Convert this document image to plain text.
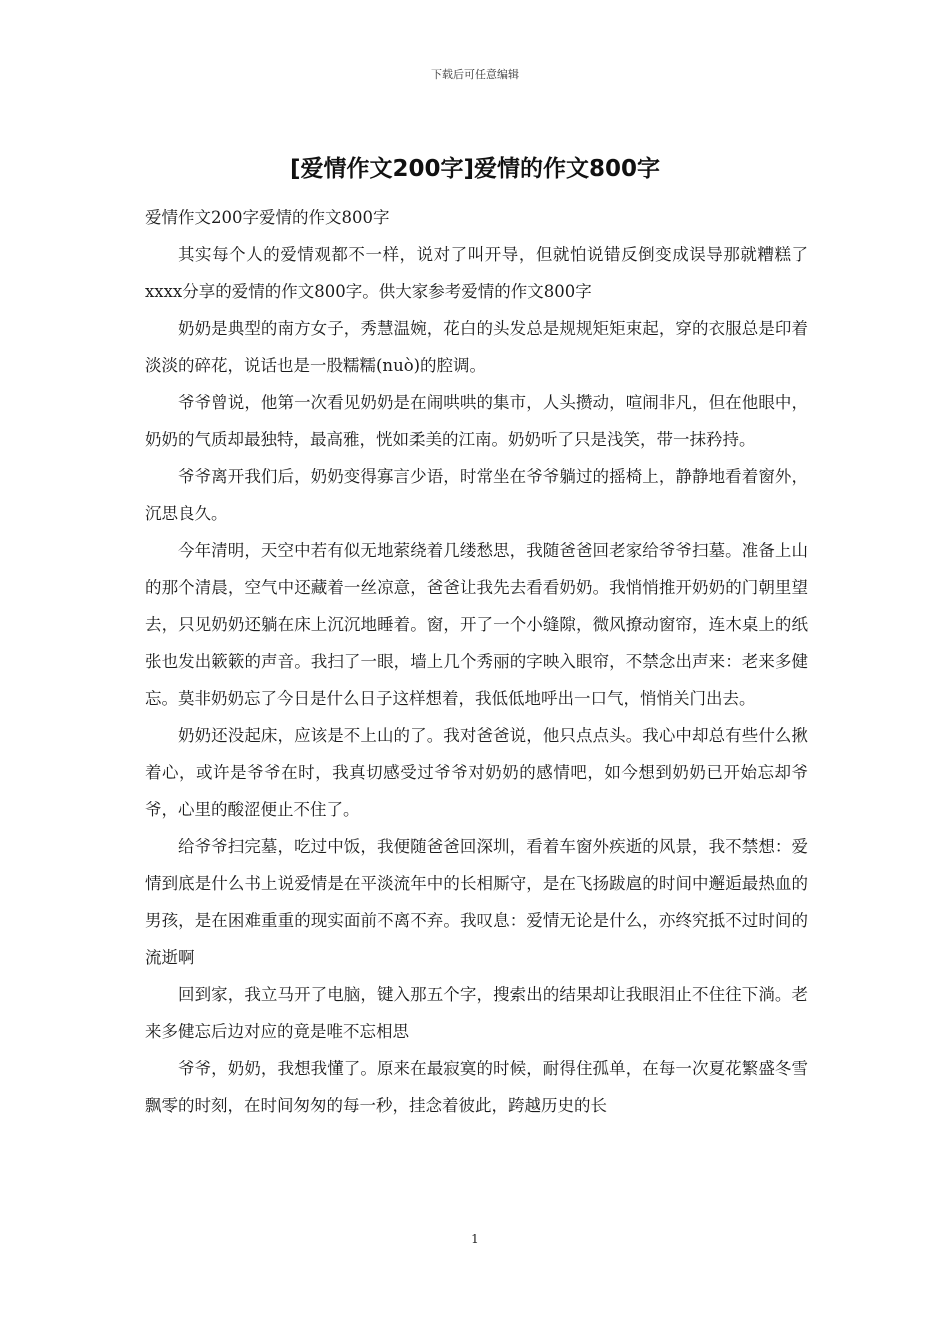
下载后可任意编辑
[爱情作文200字]爱情的作文800字

爱情作文200字爱情的作文800字

其实每个人的爱情观都不一样，说对了叫开导，但就怕说错反倒变成误导那就糟糕了xxxx分享的爱情的作文800字。供大家参考爱情的作文800字

奶奶是典型的南方女子，秀慧温婉，花白的头发总是规规矩矩束起，穿的衣服总是印着淡淡的碎花，说话也是一股糯糯(nuò)的腔调。

爷爷曾说，他第一次看见奶奶是在闹哄哄的集市，人头攒动，喧闹非凡，但在他眼中，奶奶的气质却最独特，最高雅，恍如柔美的江南。奶奶听了只是浅笑，带一抹矜持。

爷爷离开我们后，奶奶变得寡言少语，时常坐在爷爷躺过的摇椅上，静静地看着窗外，沉思良久。

今年清明，天空中若有似无地萦绕着几缕愁思，我随爸爸回老家给爷爷扫墓。准备上山的那个清晨，空气中还藏着一丝凉意，爸爸让我先去看看奶奶。我悄悄推开奶奶的门朝里望去，只见奶奶还躺在床上沉沉地睡着。窗，开了一个小缝隙，微风撩动窗帘，连木桌上的纸张也发出簌簌的声音。我扫了一眼，墙上几个秀丽的字映入眼帘，不禁念出声来：老来多健忘。莫非奶奶忘了今日是什么日子这样想着，我低低地呼出一口气，悄悄关门出去。

奶奶还没起床，应该是不上山的了。我对爸爸说，他只点点头。我心中却总有些什么揪着心，或许是爷爷在时，我真切感受过爷爷对奶奶的感情吧，如今想到奶奶已开始忘却爷爷，心里的酸涩便止不住了。

给爷爷扫完墓，吃过中饭，我便随爸爸回深圳，看着车窗外疾逝的风景，我不禁想：爱情到底是什么书上说爱情是在平淡流年中的长相厮守，是在飞扬跋扈的时间中邂逅最热血的男孩，是在困难重重的现实面前不离不弃。我叹息：爱情无论是什么，亦终究抵不过时间的流逝啊

回到家，我立马开了电脑，键入那五个字，搜索出的结果却让我眼泪止不住往下淌。老来多健忘后边对应的竟是唯不忘相思

爷爷，奶奶，我想我懂了。原来在最寂寞的时候，耐得住孤单，在每一次夏花繁盛冬雪飘零的时刻，在时间匆匆的每一秒，挂念着彼此，跨越历史的长

1
